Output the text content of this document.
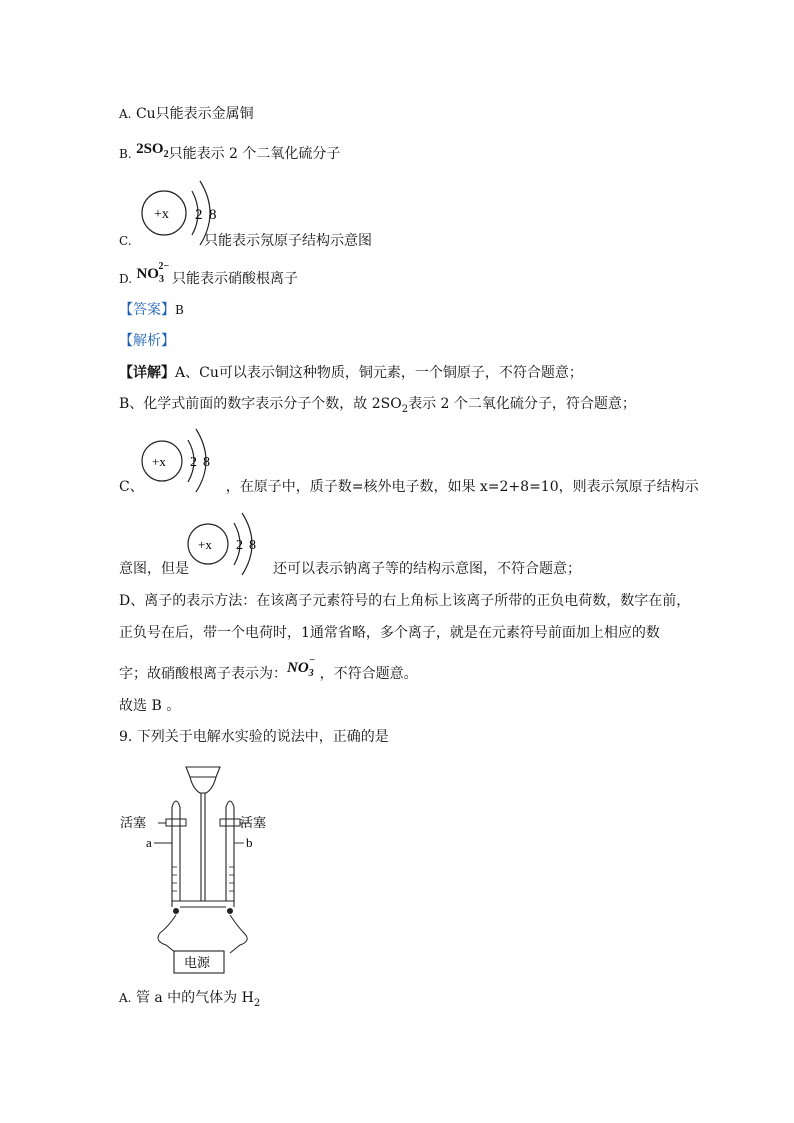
A. Cu只能表示金属铜
B. $2SO_2$只能表示 2 个二氧化硫分子
+x 2 8
C.	只能表示氖原子结构示意图
D. $NO_3$
2−
只能表示硝酸根离子
【答案】B
【解析】
【详解】A、Cu可以表示铜这种物质，铜元素，一个铜原子，不符合题意；
B、化学式前面的数字表示分子个数，故 $2SO_2$表示 2 个二氧化硫分子，符合题意；
+x 2 8
C、	，在原子中，质子数=核外电子数，如果 x=2+8=10，则表示氖原子结构示
+x 2 8
意图，但是	还可以表示钠离子等的结构示意图，不符合题意；
D、离子的表示方法：在该离子元素符号的右上角标上该离子所带的正负电荷数，数字在前，
正负号在后，带一个电荷时，1通常省略，多个离子，就是在元素符号前面加上相应的数
字；故硝酸根离子表示为：$NO_3$
−
，不符合题意。
故选 B 。
9. 下列关于电解水实验的说法中，正确的是
电源
活塞	活塞
a	b
A. 管 a 中的气体为 $H_2$
